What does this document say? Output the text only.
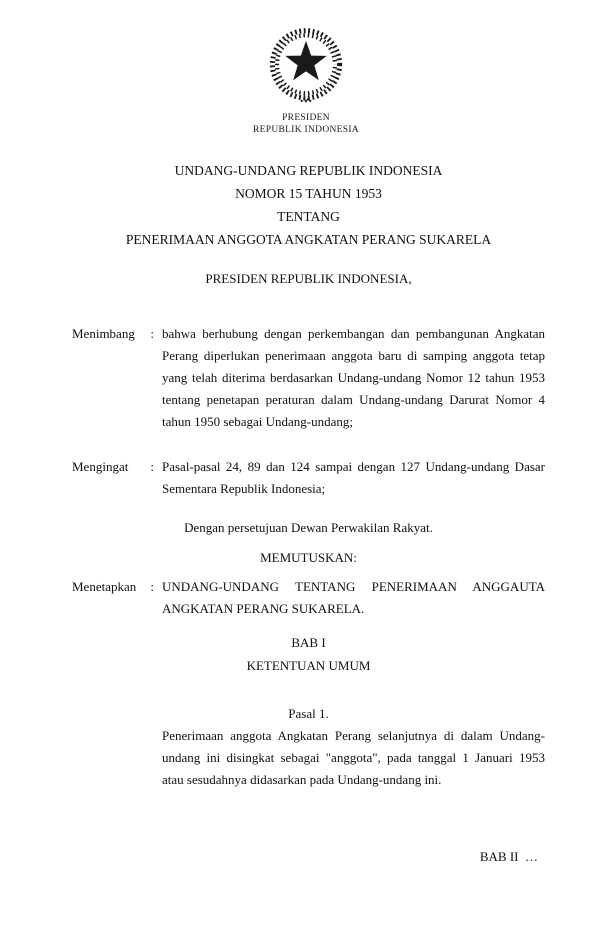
PRESIDEN
REPUBLIK INDONESIA
UNDANG-UNDANG REPUBLIK INDONESIA
NOMOR 15 TAHUN 1953
TENTANG
PENERIMAAN ANGGOTA ANGKATAN PERANG SUKARELA
PRESIDEN REPUBLIK INDONESIA,
Menimbang : bahwa berhubung dengan perkembangan dan pembangunan Angkatan
Perang diperlukan penerimaan anggota baru di samping anggota tetap
yang telah diterima berdasarkan Undang-undang Nomor 12 tahun 1953
tentang penetapan peraturan dalam Undang-undang Darurat Nomor 4
tahun 1950 sebagai Undang-undang;
Mengingat : Pasal-pasal 24, 89 dan 124 sampai dengan 127 Undang-undang Dasar
Sementara Republik Indonesia;
Dengan persetujuan Dewan Perwakilan Rakyat.
MEMUTUSKAN:
Menetapkan : UNDANG-UNDANG TENTANG PENERIMAAN ANGGAUTA
ANGKATAN PERANG SUKARELA.
BAB I
KETENTUAN UMUM
Pasal 1.
Penerimaan anggota Angkatan Perang selanjutnya di dalam Undang-
undang ini disingkat sebagai "anggota", pada tanggal 1 Januari 1953
atau sesudahnya didasarkan pada Undang-undang ini.
BAB II  …
